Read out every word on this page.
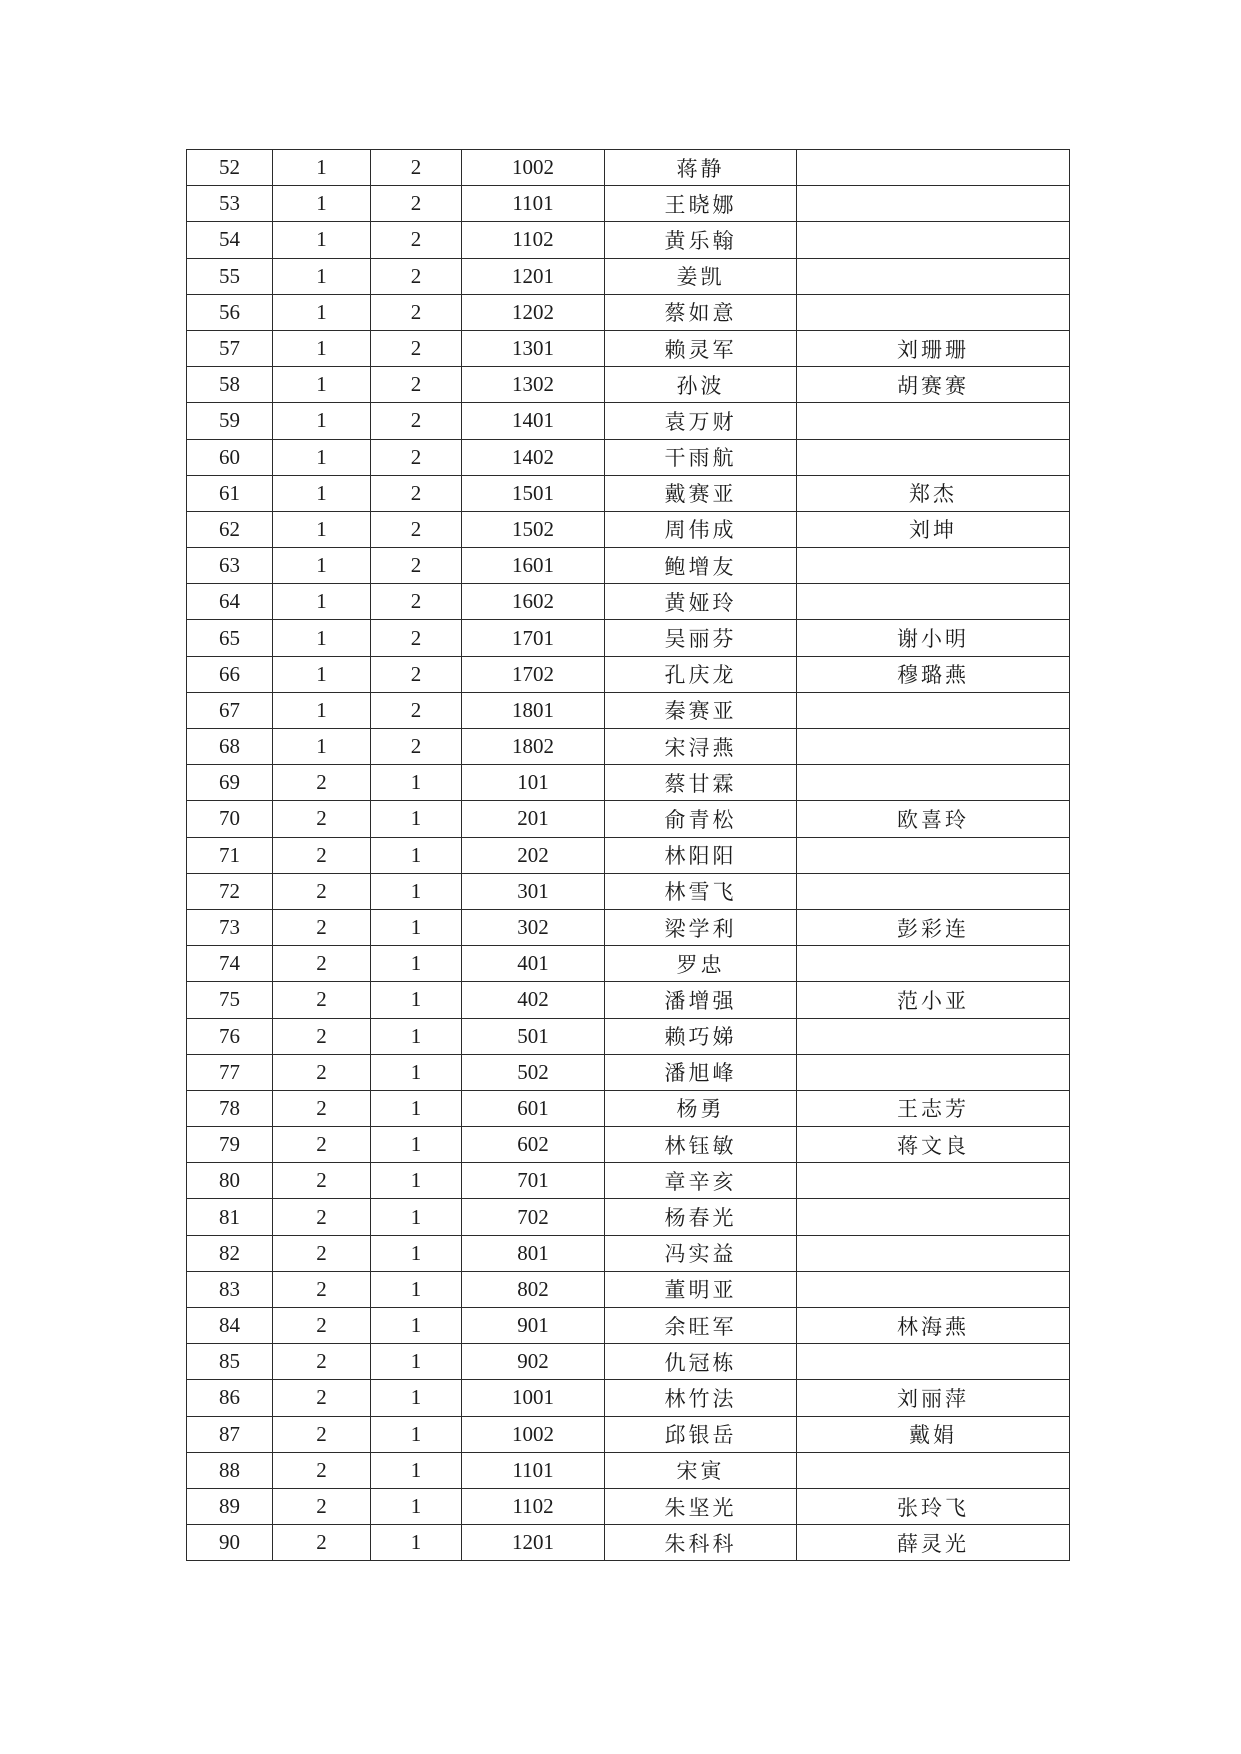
52	1	2	1002	蒋静	
53	1	2	1101	王晓娜	
54	1	2	1102	黄乐翰	
55	1	2	1201	姜凯	
56	1	2	1202	蔡如意	
57	1	2	1301	赖灵军	刘珊珊
58	1	2	1302	孙波	胡赛赛
59	1	2	1401	袁万财	
60	1	2	1402	干雨航	
61	1	2	1501	戴赛亚	郑杰
62	1	2	1502	周伟成	刘坤
63	1	2	1601	鲍增友	
64	1	2	1602	黄娅玲	
65	1	2	1701	吴丽芬	谢小明
66	1	2	1702	孔庆龙	穆璐燕
67	1	2	1801	秦赛亚	
68	1	2	1802	宋浔燕	
69	2	1	101	蔡甘霖	
70	2	1	201	俞青松	欧喜玲
71	2	1	202	林阳阳	
72	2	1	301	林雪飞	
73	2	1	302	梁学利	彭彩连
74	2	1	401	罗忠	
75	2	1	402	潘增强	范小亚
76	2	1	501	赖巧娣	
77	2	1	502	潘旭峰	
78	2	1	601	杨勇	王志芳
79	2	1	602	林钰敏	蒋文良
80	2	1	701	章辛亥	
81	2	1	702	杨春光	
82	2	1	801	冯实益	
83	2	1	802	董明亚	
84	2	1	901	余旺军	林海燕
85	2	1	902	仇冠栋	
86	2	1	1001	林竹法	刘丽萍
87	2	1	1002	邱银岳	戴娟
88	2	1	1101	宋寅	
89	2	1	1102	朱坚光	张玲飞
90	2	1	1201	朱科科	薛灵光
